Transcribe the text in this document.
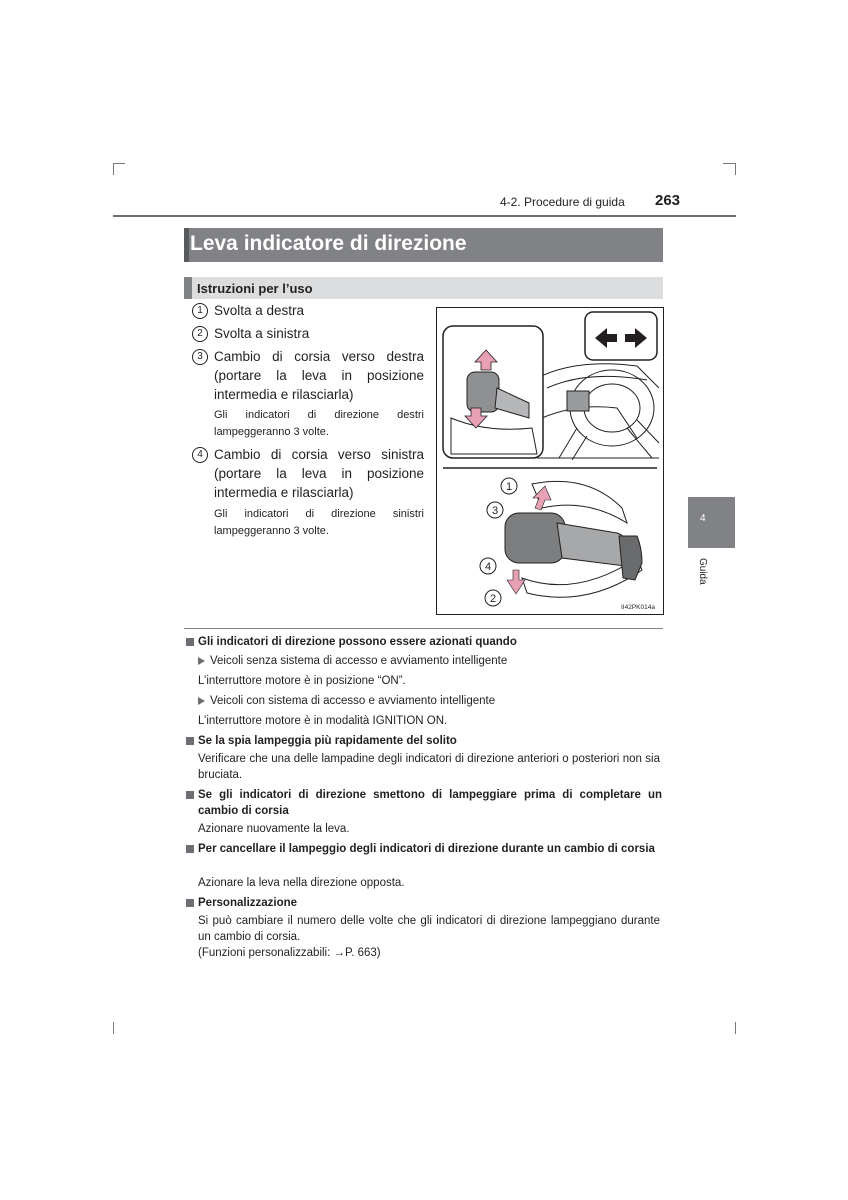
4-2. Procedure di guida 263
Leva indicatore di direzione
Istruzioni per l’uso
1 Svolta a destra
2 Svolta a sinistra
3 Cambio di corsia verso destra (portare la leva in posizione intermedia e rilasciarla)
Gli indicatori di direzione destri lampeggeranno 3 volte.
4 Cambio di corsia verso sinistra (portare la leva in posizione intermedia e rilasciarla)
Gli indicatori di direzione sinistri lampeggeranno 3 volte.
1
3
4
2
II42PK014a
Gli indicatori di direzione possono essere azionati quando
Veicoli senza sistema di accesso e avviamento intelligente
L’interruttore motore è in posizione “ON”.
Veicoli con sistema di accesso e avviamento intelligente
L’interruttore motore è in modalità IGNITION ON.
Se la spia lampeggia più rapidamente del solito
Verificare che una delle lampadine degli indicatori di direzione anteriori o posteriori non sia bruciata.
Se gli indicatori di direzione smettono di lampeggiare prima di completare un cambio di corsia
Azionare nuovamente la leva.
Per cancellare il lampeggio degli indicatori di direzione durante un cambio di corsia
Azionare la leva nella direzione opposta.
Personalizzazione
Si può cambiare il numero delle volte che gli indicatori di direzione lampeggiano durante un cambio di corsia.
(Funzioni personalizzabili: →P. 663)
4
Guida
